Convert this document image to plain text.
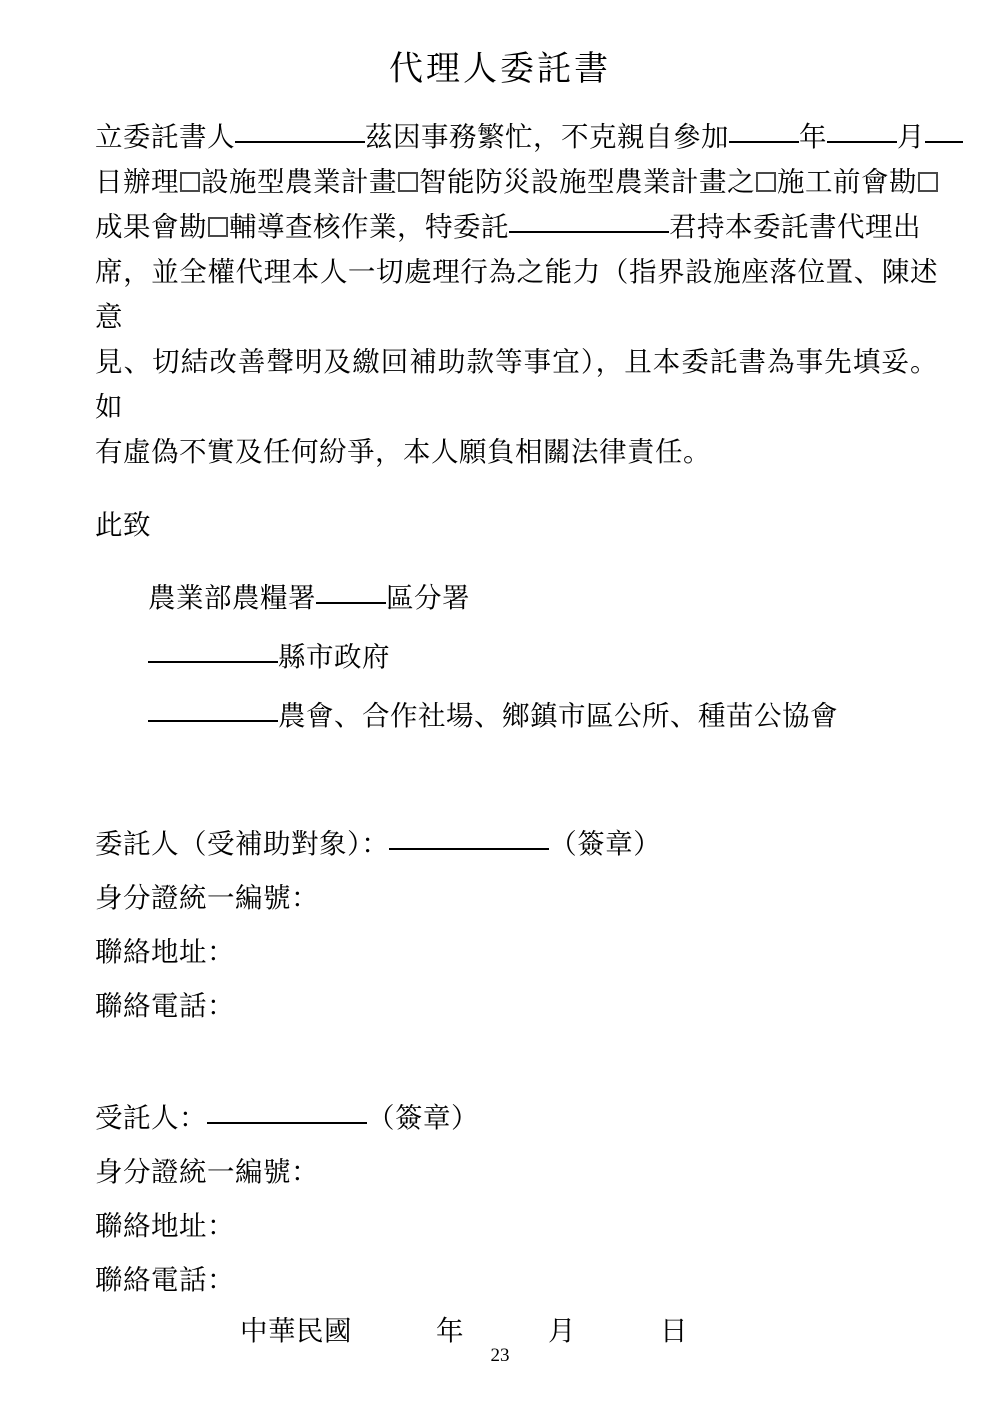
代理人委託書
立委託書人	茲因事務繁忙，不克親自參加	年	月
日辦理 設施型農業計畫 智能防災設施型農業計畫之 施工前會勘
成果會勘 輔導查核作業，特委託	君持本委託書代理出
席，並全權代理本人一切處理行為之能力（指界設施座落位置、陳述意
見、切結改善聲明及繳回補助款等事宜），且本委託書為事先填妥。如
有虛偽不實及任何紛爭，本人願負相關法律責任。
此致
農業部農糧署	區分署
縣市政府
農會、合作社場、鄉鎮市區公所、種苗公協會
委託人（受補助對象）：	（簽章）
身分證統一編號：
聯絡地址：
聯絡電話：
受託人：	（簽章）
身分證統一編號：
聯絡地址：
聯絡電話：
中華民國　　　	年　　　	月　　　	日
23
